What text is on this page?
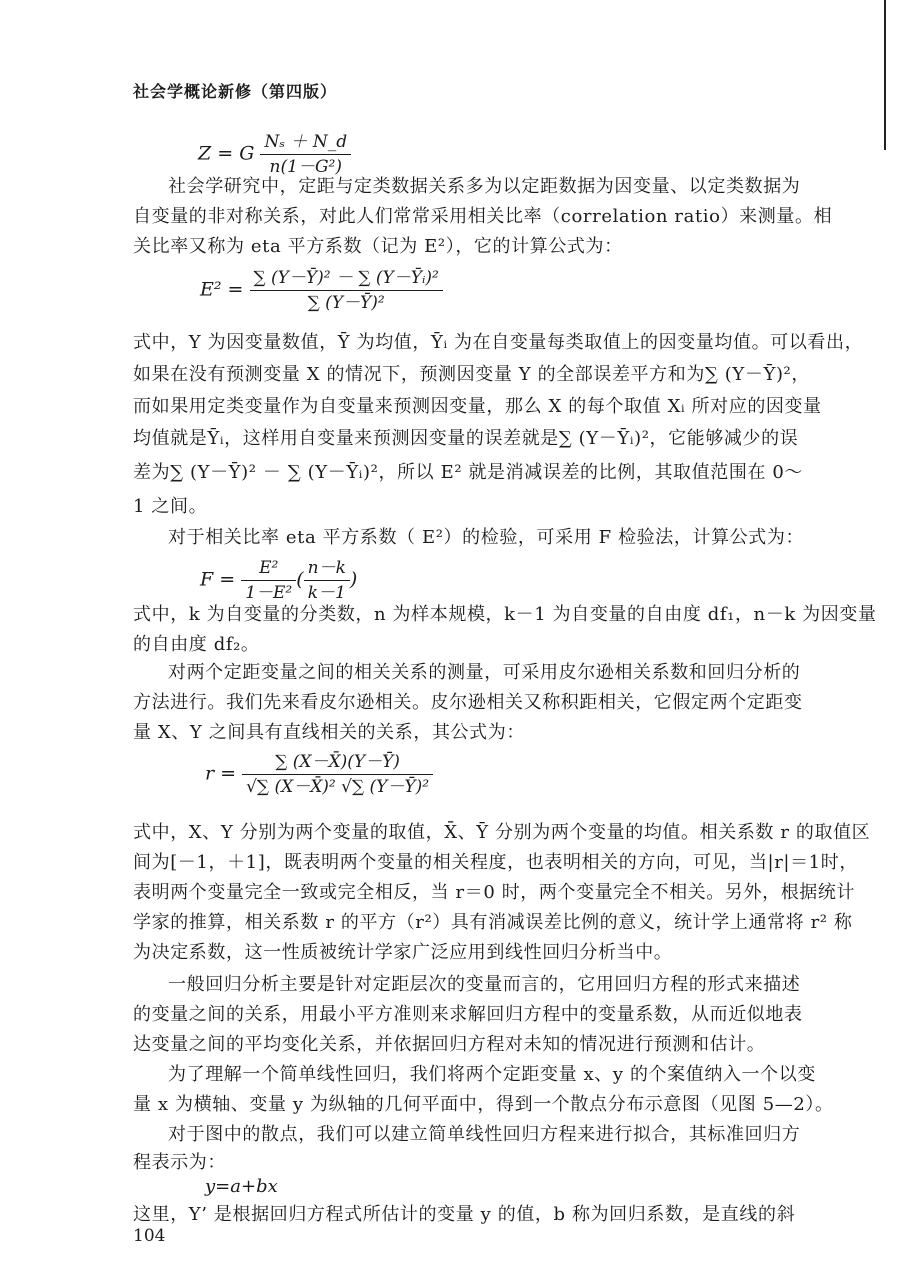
社会学概论新修（第四版）
Z = G $\frac{\text{Nₛ ＋ N\_d}}{\text{n(1－G²)}}$
社会学研究中，定距与定类数据关系多为以定距数据为因变量、以定类数据为
自变量的非对称关系，对此人们常常采用相关比率（correlation ratio）来测量。相
关比率又称为 eta 平方系数（记为 E²），它的计算公式为：
$E^2 = \frac{\text{∑ (Y－Ȳ)² － ∑ (Y－Ȳᵢ)²}}{\text{∑ (Y－Ȳ)²}}$
式中，Y 为因变量数值，Ȳ 为均值，Ȳᵢ 为在自变量每类取值上的因变量均值。可以看出，
如果在没有预测变量 X 的情况下，预测因变量 Y 的全部误差平方和为∑ (Y－Ȳ)²，
而如果用定类变量作为自变量来预测因变量，那么 X 的每个取值 Xᵢ 所对应的因变量
均值就是Ȳᵢ，这样用自变量来预测因变量的误差就是∑ (Y－Ȳᵢ)²，它能够减少的误
差为∑ (Y－Ȳ)² － ∑ (Y－Ȳᵢ)²，所以 E² 就是消减误差的比例，其取值范围在 0～
1 之间。
对于相关比率 eta 平方系数（ E²）的检验，可采用 F 检验法，计算公式为：
$F = \frac{\text{E²}}{\text{1－E²}}$ ( $\frac{n-k}{k-1}$ )
式中，k 为自变量的分类数，n 为样本规模，k－1 为自变量的自由度 df₁，n－k 为因变量
的自由度 df₂。
对两个定距变量之间的相关关系的测量，可采用皮尔逊相关系数和回归分析的
方法进行。我们先来看皮尔逊相关。皮尔逊相关又称积距相关，它假定两个定距变
量 X、Y 之间具有直线相关的关系，其公式为：
$r = \frac{\sum (X-X̄)(Y-Ȳ)}{\text{√∑ (X－X̄)² √∑ (Y－Ȳ)²}}$
式中，X、Y 分别为两个变量的取值，X̄、Ȳ 分别为两个变量的均值。相关系数 r 的取值区
间为[－1，＋1]，既表明两个变量的相关程度，也表明相关的方向，可见，当|r|＝1时，
表明两个变量完全一致或完全相反，当 r＝0 时，两个变量完全不相关。另外，根据统计
学家的推算，相关系数 r 的平方（r²）具有消减误差比例的意义，统计学上通常将 r² 称
为决定系数，这一性质被统计学家广泛应用到线性回归分析当中。
一般回归分析主要是针对定距层次的变量而言的，它用回归方程的形式来描述
的变量之间的关系，用最小平方准则来求解回归方程中的变量系数，从而近似地表
达变量之间的平均变化关系，并依据回归方程对未知的情况进行预测和估计。
为了理解一个简单线性回归，我们将两个定距变量 x、y 的个案值纳入一个以变
量 x 为横轴、变量 y 为纵轴的几何平面中，得到一个散点分布示意图（见图 5—2）。
对于图中的散点，我们可以建立简单线性回归方程来进行拟合，其标准回归方
程表示为：
y=a+bx
这里，Y’ 是根据回归方程式所估计的变量 y 的值，b 称为回归系数，是直线的斜
104
